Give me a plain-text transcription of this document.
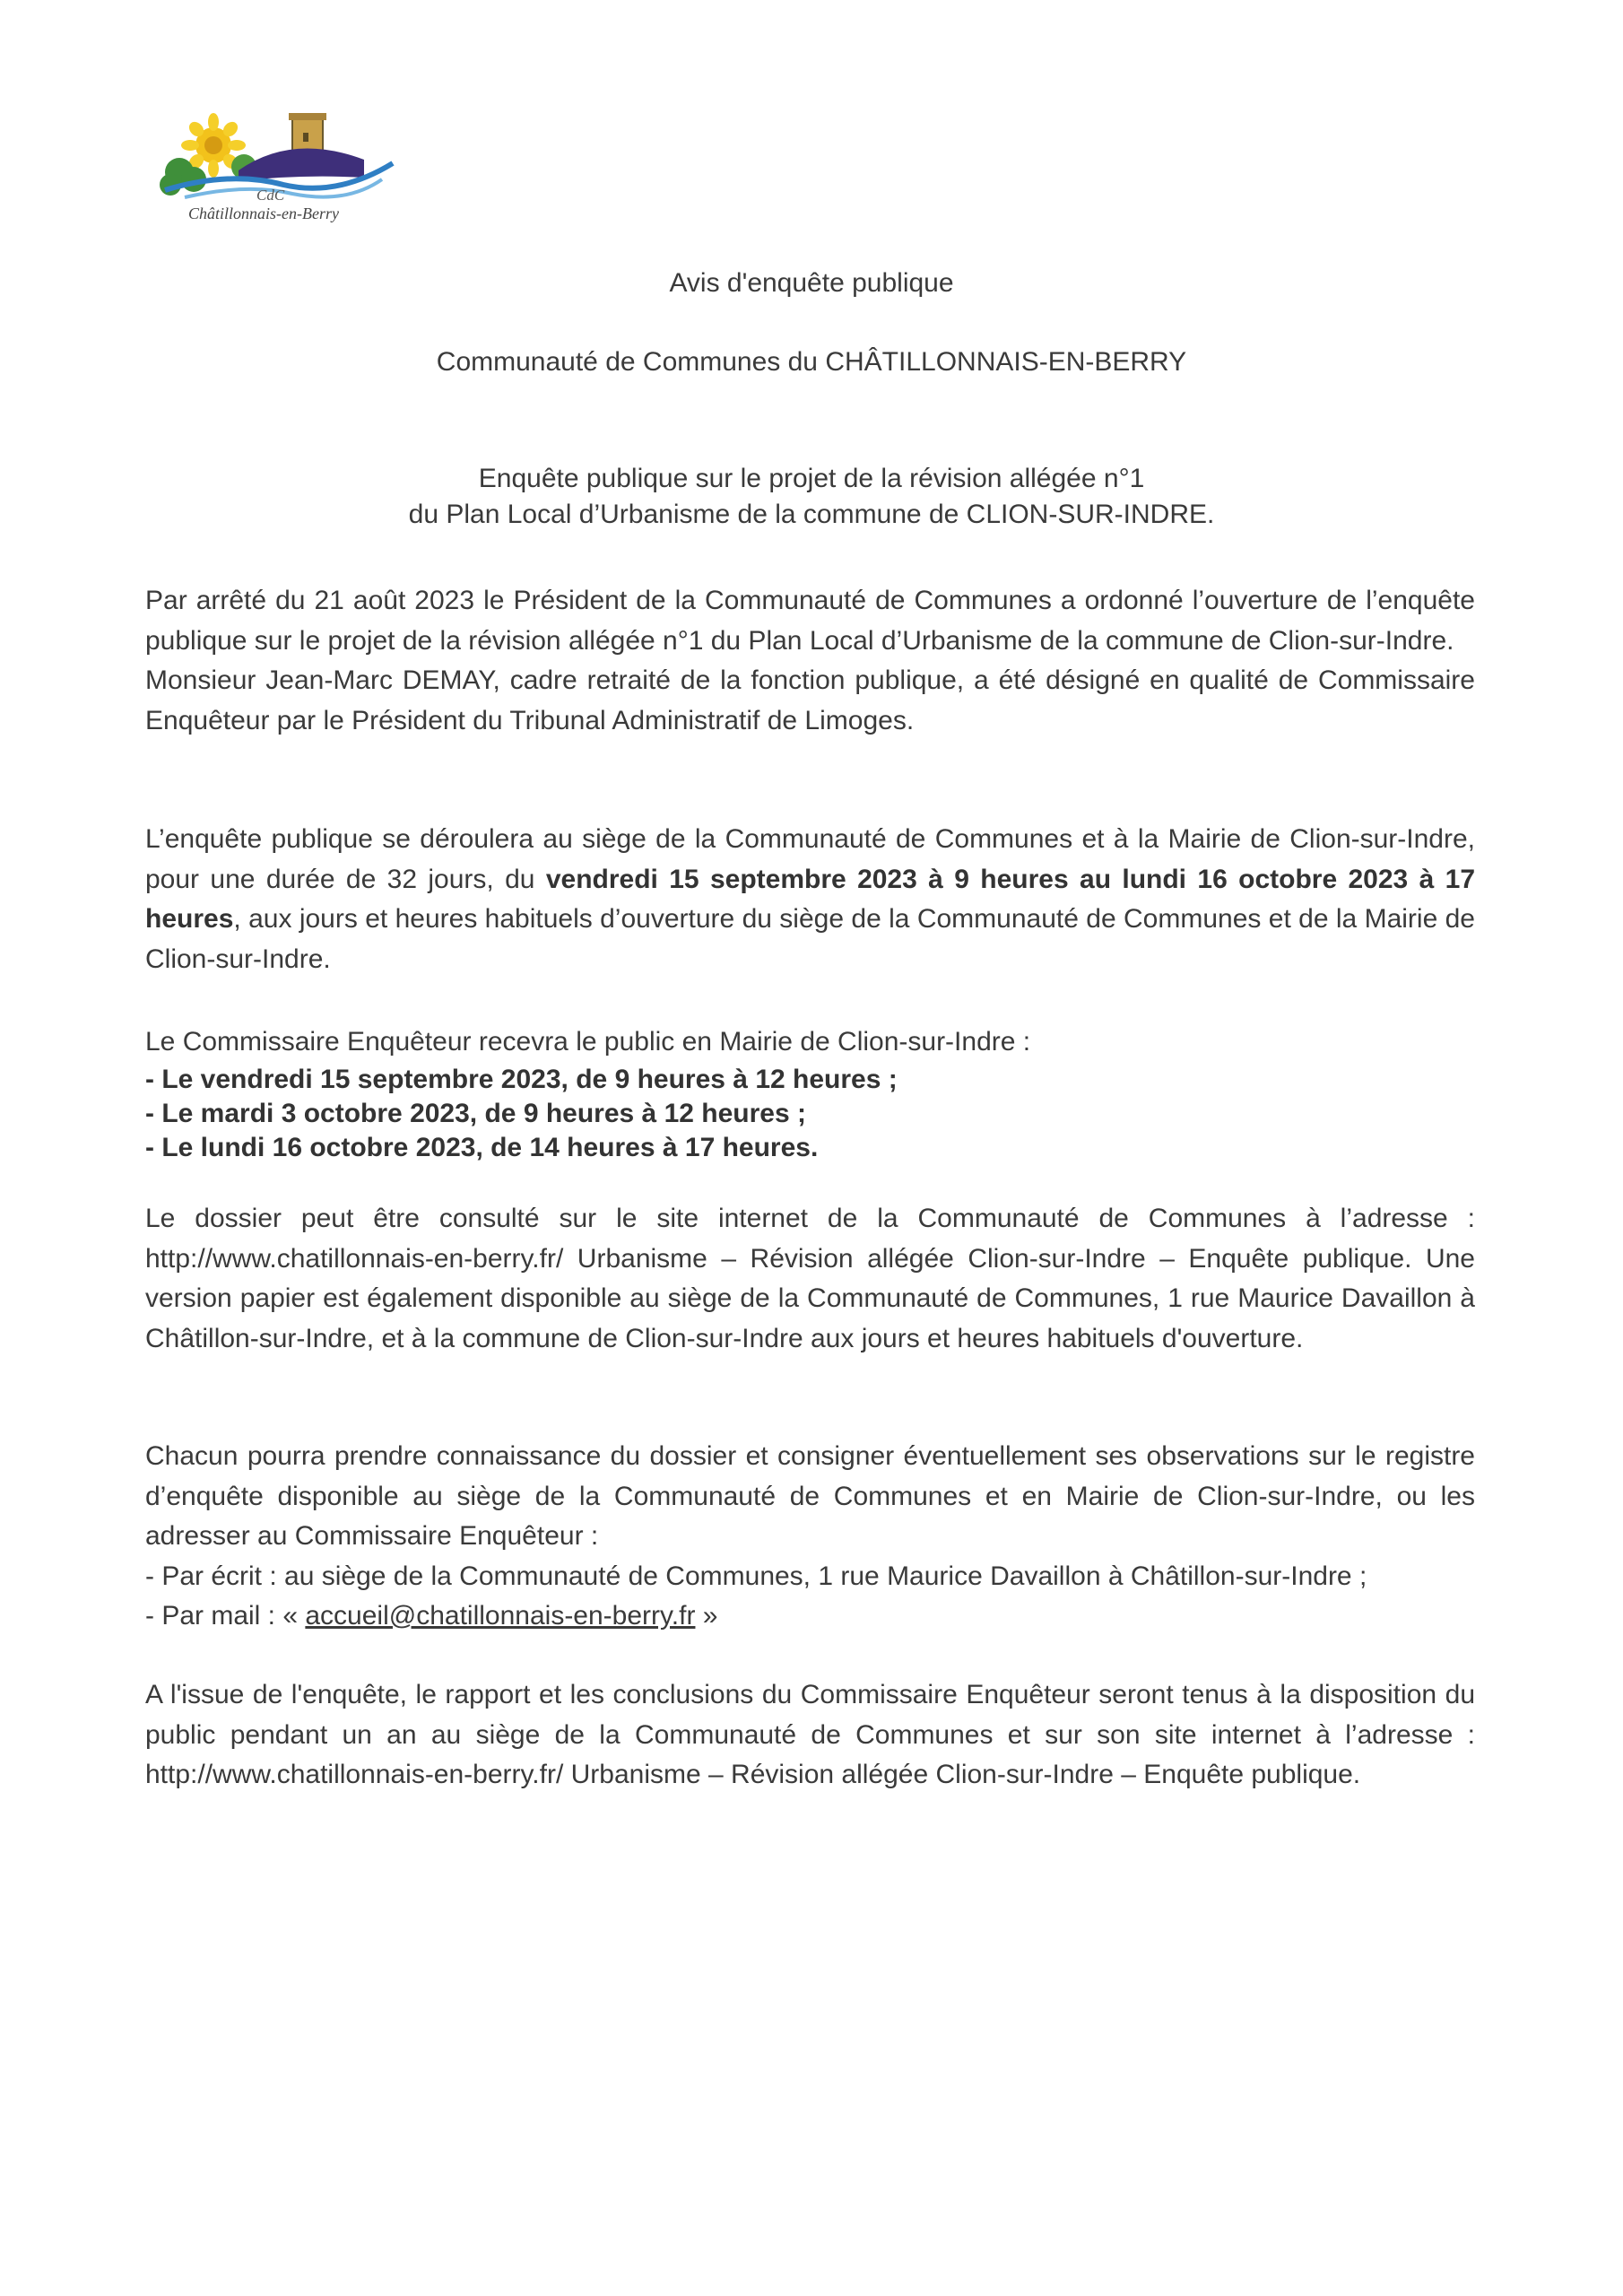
CdC
Châtillonnais-en-Berry
Avis d'enquête publique
Communauté de Communes du CHÂTILLONNAIS-EN-BERRY
Enquête publique sur le projet de la révision allégée n°1
du Plan Local d’Urbanisme de la commune de CLION-SUR-INDRE.

Par arrêté du 21 août 2023 le Président de la Communauté de Communes a ordonné l’ouverture de l’enquête publique sur le projet de la révision allégée n°1 du Plan Local d’Urbanisme de la commune de Clion-sur-Indre.

Monsieur Jean-Marc DEMAY, cadre retraité de la fonction publique, a été désigné en qualité de Commissaire Enquêteur par le Président du Tribunal Administratif de Limoges.

L’enquête publique se déroulera au siège de la Communauté de Communes et à la Mairie de Clion-sur-Indre, pour une durée de 32 jours, du vendredi 15 septembre 2023 à 9 heures au lundi 16 octobre 2023 à 17 heures, aux jours et heures habituels d’ouverture du siège de la Communauté de Communes et de la Mairie de Clion-sur-Indre.

Le Commissaire Enquêteur recevra le public en Mairie de Clion-sur-Indre :

- Le vendredi 15 septembre 2023, de 9 heures à 12 heures ;

- Le mardi 3 octobre 2023, de 9 heures à 12 heures ;

- Le lundi 16 octobre 2023, de 14 heures à 17 heures.

Le dossier peut être consulté sur le site internet de la Communauté de Communes à l’adresse : http://www.chatillonnais-en-berry.fr/ Urbanisme – Révision allégée Clion-sur-Indre – Enquête publique. Une version papier est également disponible au siège de la Communauté de Communes, 1 rue Maurice Davaillon à Châtillon-sur-Indre, et à la commune de Clion-sur-Indre aux jours et heures habituels d'ouverture.

Chacun pourra prendre connaissance du dossier et consigner éventuellement ses observations sur le registre d’enquête disponible au siège de la Communauté de Communes et en Mairie de Clion-sur-Indre, ou les adresser au Commissaire Enquêteur :

- Par écrit : au siège de la Communauté de Communes, 1 rue Maurice Davaillon à Châtillon-sur-Indre ;

- Par mail : « accueil@chatillonnais-en-berry.fr »

A l'issue de l'enquête, le rapport et les conclusions du Commissaire Enquêteur seront tenus à la disposition du public pendant un an au siège de la Communauté de Communes et sur son site internet à l’adresse : http://www.chatillonnais-en-berry.fr/ Urbanisme – Révision allégée Clion-sur-Indre – Enquête publique.
